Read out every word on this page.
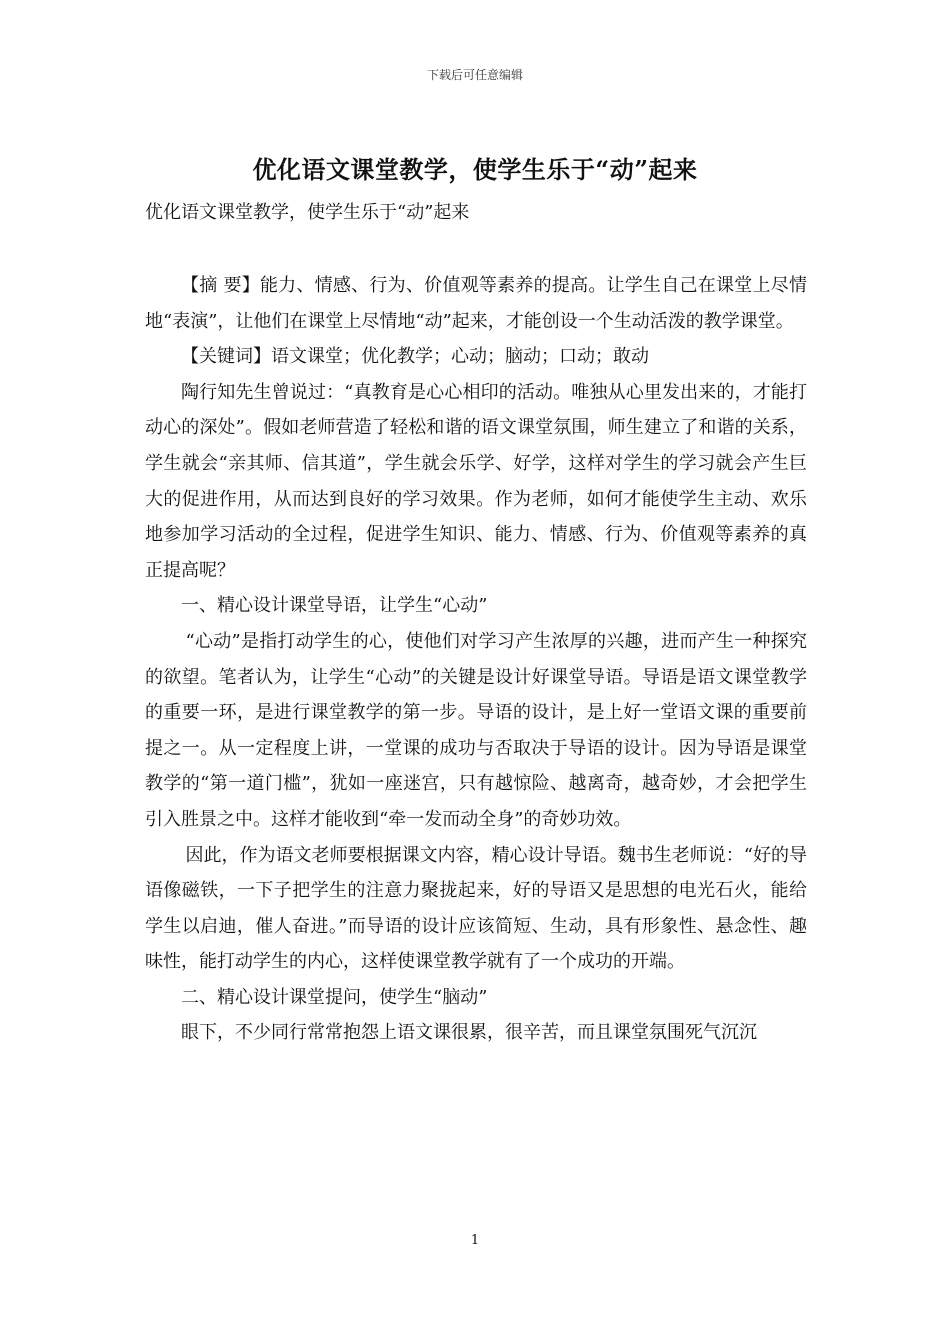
下载后可任意编辑
优化语文课堂教学，使学生乐于“动”起来
优化语文课堂教学，使学生乐于“动”起来

【摘 要】能力、情感、行为、价值观等素养的提高。让学生自己在课堂上尽情地“表演”，让他们在课堂上尽情地“动”起来，才能创设一个生动活泼的教学课堂。

【关键词】语文课堂；优化教学；心动；脑动；口动；敢动

陶行知先生曾说过：“真教育是心心相印的活动。唯独从心里发出来的，才能打动心的深处”。假如老师营造了轻松和谐的语文课堂氛围，师生建立了和谐的关系，学生就会“亲其师、信其道”，学生就会乐学、好学，这样对学生的学习就会产生巨大的促进作用，从而达到良好的学习效果。作为老师，如何才能使学生主动、欢乐地参加学习活动的全过程，促进学生知识、能力、情感、行为、价值观等素养的真正提高呢？

一、精心设计课堂导语，让学生“心动”

“心动”是指打动学生的心，使他们对学习产生浓厚的兴趣，进而产生一种探究的欲望。笔者认为，让学生“心动”的关键是设计好课堂导语。导语是语文课堂教学的重要一环，是进行课堂教学的第一步。导语的设计，是上好一堂语文课的重要前提之一。从一定程度上讲，一堂课的成功与否取决于导语的设计。因为导语是课堂教学的“第一道门槛”，犹如一座迷宫，只有越惊险、越离奇，越奇妙，才会把学生引入胜景之中。这样才能收到“牵一发而动全身”的奇妙功效。

因此，作为语文老师要根据课文内容，精心设计导语。魏书生老师说：“好的导语像磁铁，一下子把学生的注意力聚拢起来，好的导语又是思想的电光石火，能给学生以启迪，催人奋进。”而导语的设计应该简短、生动，具有形象性、悬念性、趣味性，能打动学生的内心，这样使课堂教学就有了一个成功的开端。

二、精心设计课堂提问，使学生“脑动”

眼下，不少同行常常抱怨上语文课很累，很辛苦，而且课堂氛围死气沉沉

1
